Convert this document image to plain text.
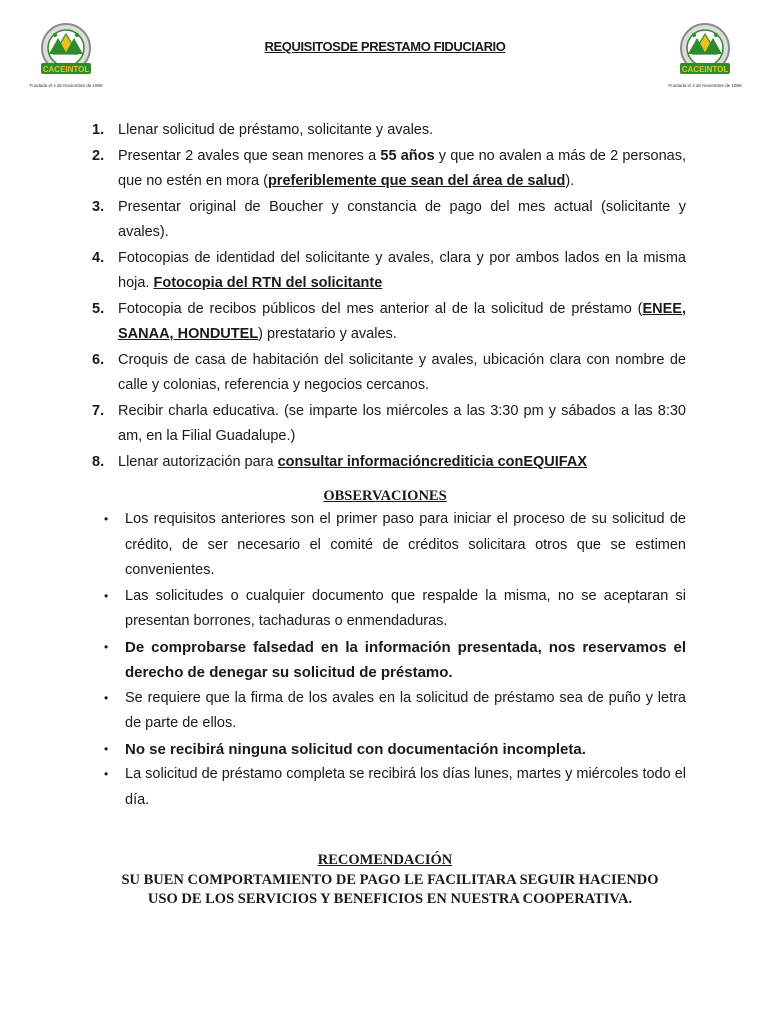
CACEINTOL
Fundada el 4 de Noviembre de 1969
CACEINTOL
Fundada el 4 de Noviembre de 1969
REQUISITOSDE PRESTAMO FIDUCIARIO
1. Llenar solicitud de préstamo, solicitante y avales.
2. Presentar 2 avales que sean menores a 55 años y que no avalen a más de 2 personas, que no estén en mora (preferiblemente que sean del área de salud).
3. Presentar original de Boucher y constancia de pago del mes actual (solicitante y avales).
4. Fotocopias de identidad del solicitante y avales, clara y por ambos lados en la misma hoja. Fotocopia del RTN del solicitante
5. Fotocopia de recibos públicos del mes anterior al de la solicitud de préstamo (ENEE, SANAA, HONDUTEL) prestatario y avales.
6. Croquis de casa de habitación del solicitante y avales, ubicación clara con nombre de calle y colonias, referencia y negocios cercanos.
7. Recibir charla educativa. (se imparte los miércoles a las 3:30 pm y sábados a las 8:30 am, en la Filial Guadalupe.)
8. Llenar autorización para consultar informacióncrediticia conEQUIFAX
OBSERVACIONES
• Los requisitos anteriores son el primer paso para iniciar el proceso de su solicitud de crédito, de ser necesario el comité de créditos solicitara otros que se estimen convenientes.
• Las solicitudes o cualquier documento que respalde la misma, no se aceptaran si presentan borrones, tachaduras o enmendaduras.
• De comprobarse falsedad en la información presentada, nos reservamos el derecho de denegar su solicitud de préstamo.
• Se requiere que la firma de los avales en la solicitud de préstamo sea de puño y letra de parte de ellos.
• No se recibirá ninguna solicitud con documentación incompleta.
• La solicitud de préstamo completa se recibirá los días lunes, martes y miércoles todo el día.
RECOMENDACIÓN
SU BUEN COMPORTAMIENTO DE PAGO LE FACILITARA SEGUIR HACIENDO USO DE LOS SERVICIOS Y BENEFICIOS EN NUESTRA COOPERATIVA.
